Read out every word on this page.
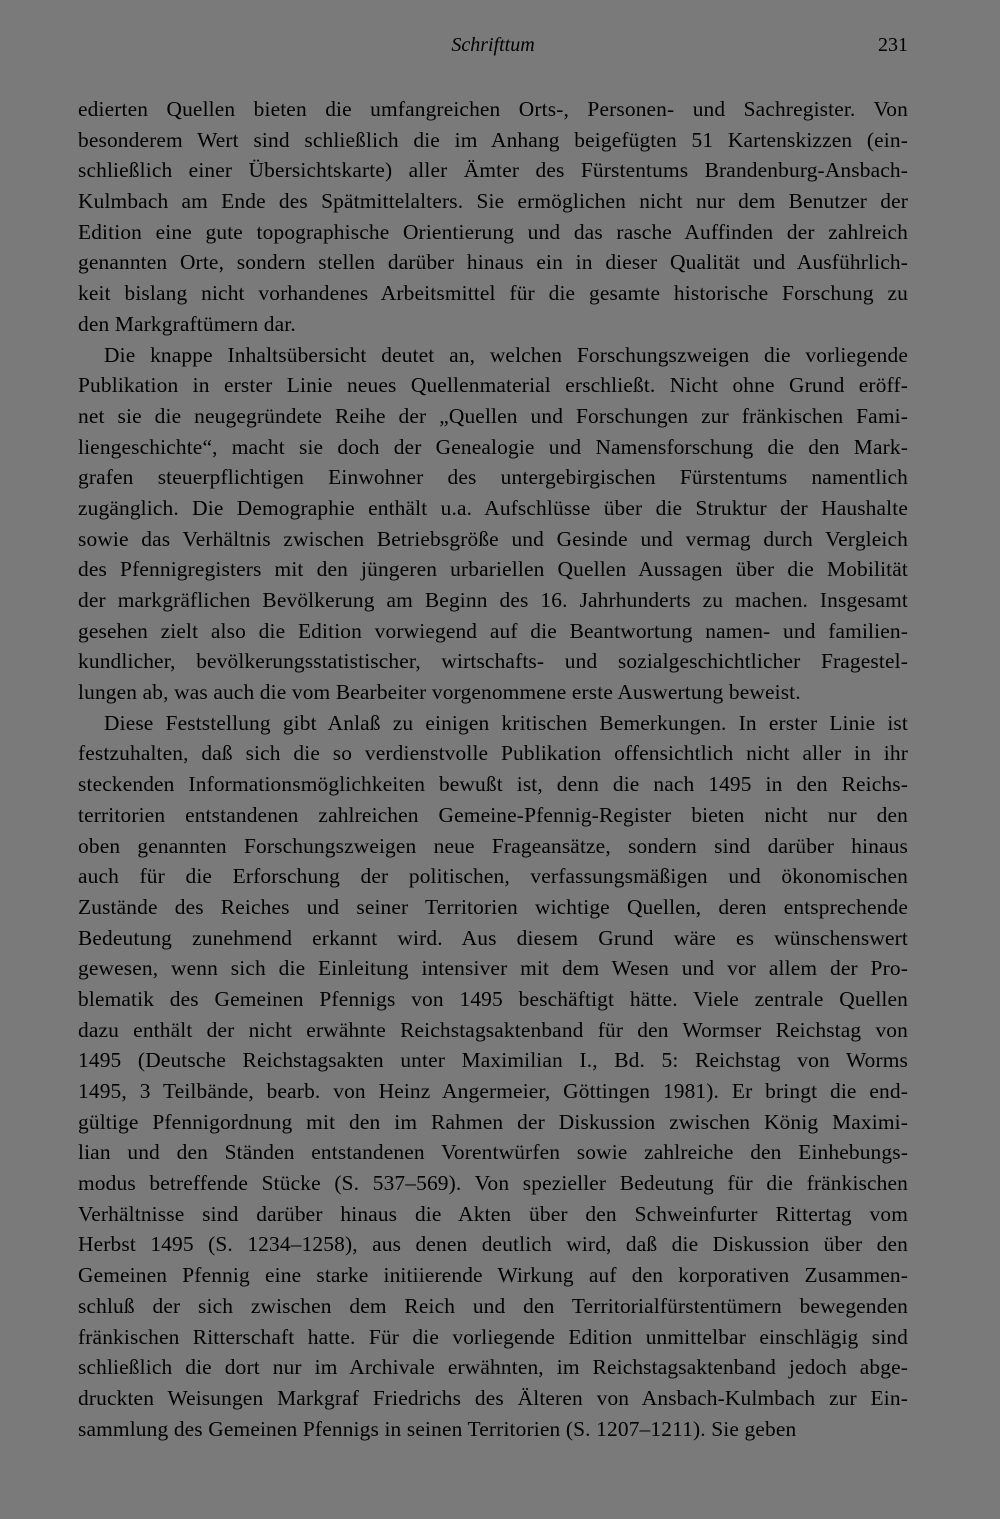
Schrifttum	231
edierten Quellen bieten die umfangreichen Orts-, Personen- und Sachregister. Von
besonderem Wert sind schließlich die im Anhang beigefügten 51 Kartenskizzen (ein-
schließlich einer Übersichtskarte) aller Ämter des Fürstentums Brandenburg-Ansbach-
Kulmbach am Ende des Spätmittelalters. Sie ermöglichen nicht nur dem Benutzer der
Edition eine gute topographische Orientierung und das rasche Auffinden der zahlreich
genannten Orte, sondern stellen darüber hinaus ein in dieser Qualität und Ausführlich-
keit bislang nicht vorhandenes Arbeitsmittel für die gesamte historische Forschung zu
den Markgraftümern dar.
Die knappe Inhaltsübersicht deutet an, welchen Forschungszweigen die vorliegende
Publikation in erster Linie neues Quellenmaterial erschließt. Nicht ohne Grund eröff-
net sie die neugegründete Reihe der „Quellen und Forschungen zur fränkischen Fami-
liengeschichte“, macht sie doch der Genealogie und Namensforschung die den Mark-
grafen steuerpflichtigen Einwohner des untergebirgischen Fürstentums namentlich
zugänglich. Die Demographie enthält u.a. Aufschlüsse über die Struktur der Haushalte
sowie das Verhältnis zwischen Betriebsgröße und Gesinde und vermag durch Vergleich
des Pfennigregisters mit den jüngeren urbariellen Quellen Aussagen über die Mobilität
der markgräflichen Bevölkerung am Beginn des 16. Jahrhunderts zu machen. Insgesamt
gesehen zielt also die Edition vorwiegend auf die Beantwortung namen- und familien-
kundlicher, bevölkerungsstatistischer, wirtschafts- und sozialgeschichtlicher Fragestel-
lungen ab, was auch die vom Bearbeiter vorgenommene erste Auswertung beweist.
Diese Feststellung gibt Anlaß zu einigen kritischen Bemerkungen. In erster Linie ist
festzuhalten, daß sich die so verdienstvolle Publikation offensichtlich nicht aller in ihr
steckenden Informationsmöglichkeiten bewußt ist, denn die nach 1495 in den Reichs-
territorien entstandenen zahlreichen Gemeine-Pfennig-Register bieten nicht nur den
oben genannten Forschungszweigen neue Frageansätze, sondern sind darüber hinaus
auch für die Erforschung der politischen, verfassungsmäßigen und ökonomischen
Zustände des Reiches und seiner Territorien wichtige Quellen, deren entsprechende
Bedeutung zunehmend erkannt wird. Aus diesem Grund wäre es wünschenswert
gewesen, wenn sich die Einleitung intensiver mit dem Wesen und vor allem der Pro-
blematik des Gemeinen Pfennigs von 1495 beschäftigt hätte. Viele zentrale Quellen
dazu enthält der nicht erwähnte Reichstagsaktenband für den Wormser Reichstag von
1495 (Deutsche Reichstagsakten unter Maximilian I., Bd. 5: Reichstag von Worms
1495, 3 Teilbände, bearb. von Heinz Angermeier, Göttingen 1981). Er bringt die end-
gültige Pfennigordnung mit den im Rahmen der Diskussion zwischen König Maximi-
lian und den Ständen entstandenen Vorentwürfen sowie zahlreiche den Einhebungs-
modus betreffende Stücke (S. 537–569). Von spezieller Bedeutung für die fränkischen
Verhältnisse sind darüber hinaus die Akten über den Schweinfurter Rittertag vom
Herbst 1495 (S. 1234–1258), aus denen deutlich wird, daß die Diskussion über den
Gemeinen Pfennig eine starke initiierende Wirkung auf den korporativen Zusammen-
schluß der sich zwischen dem Reich und den Territorialfürstentümern bewegenden
fränkischen Ritterschaft hatte. Für die vorliegende Edition unmittelbar einschlägig sind
schließlich die dort nur im Archivale erwähnten, im Reichstagsaktenband jedoch abge-
druckten Weisungen Markgraf Friedrichs des Älteren von Ansbach-Kulmbach zur Ein-
sammlung des Gemeinen Pfennigs in seinen Territorien (S. 1207–1211). Sie geben
